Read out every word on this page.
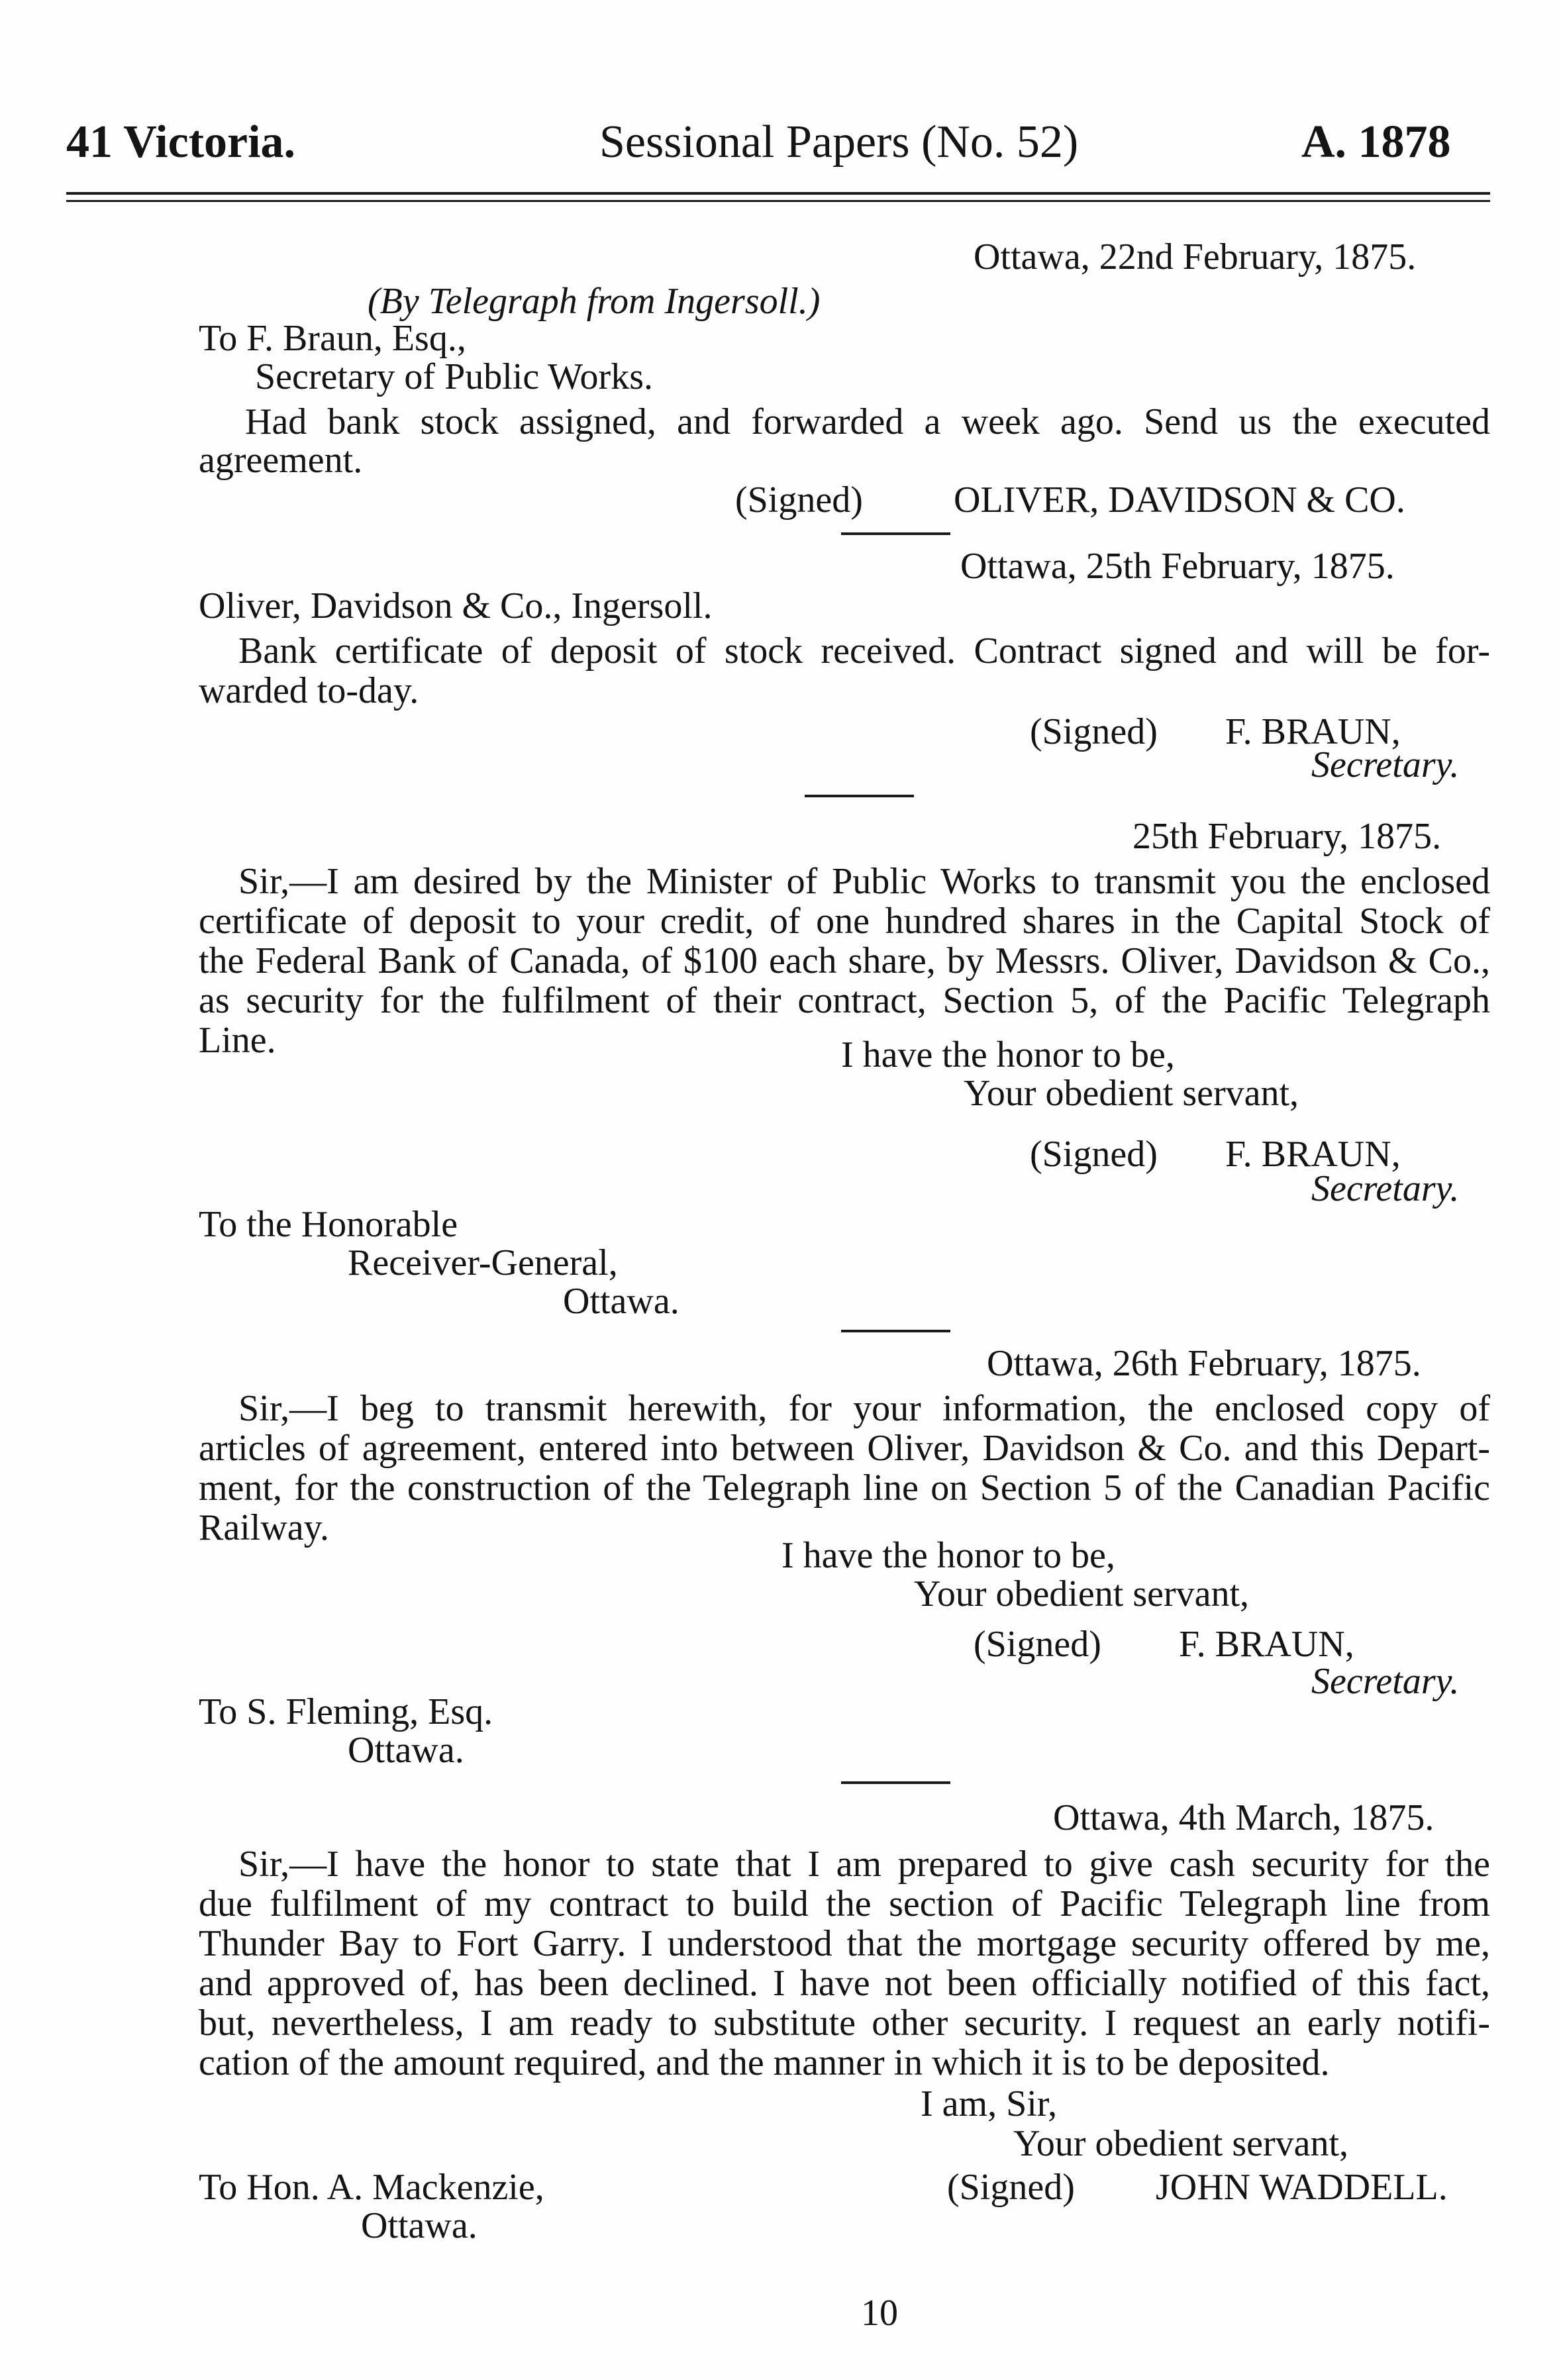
41 Victoria.	Sessional Papers (No. 52)	A. 1878
Ottawa, 22nd February, 1875.
(By Telegraph from Ingersoll.)
To F. Braun, Esq.,
Secretary of Public Works.
Had bank stock assigned, and forwarded a week ago. Send us the executed
agreement.
(Signed) OLIVER, DAVIDSON & CO.
Ottawa, 25th February, 1875.
Oliver, Davidson & Co., Ingersoll.
Bank certificate of deposit of stock received. Contract signed and will be for-
warded to-day.
(Signed) F. BRAUN,
Secretary.
25th February, 1875.
Sir,—I am desired by the Minister of Public Works to transmit you the enclosed
certificate of deposit to your credit, of one hundred shares in the Capital Stock of
the Federal Bank of Canada, of $100 each share, by Messrs. Oliver, Davidson & Co.,
as security for the fulfilment of their contract, Section 5, of the Pacific Telegraph
Line.	I have the honor to be,
Your obedient servant,
(Signed) F. BRAUN,
Secretary.
To the Honorable
Receiver-General,
Ottawa.
Ottawa, 26th February, 1875.
Sir,—I beg to transmit herewith, for your information, the enclosed copy of
articles of agreement, entered into between Oliver, Davidson & Co. and this Depart-
ment, for the construction of the Telegraph line on Section 5 of the Canadian Pacific
Railway.
I have the honor to be,
Your obedient servant,
(Signed) F. BRAUN,
Secretary.
To S. Fleming, Esq.
Ottawa.
Ottawa, 4th March, 1875.
Sir,—I have the honor to state that I am prepared to give cash security for the
due fulfilment of my contract to build the section of Pacific Telegraph line from
Thunder Bay to Fort Garry. I understood that the mortgage security offered by me,
and approved of, has been declined. I have not been officially notified of this fact,
but, nevertheless, I am ready to substitute other security. I request an early notifi-
cation of the amount required, and the manner in which it is to be deposited.
I am, Sir,
Your obedient servant,
To Hon. A. Mackenzie,	(Signed) JOHN WADDELL.
Ottawa.
10
